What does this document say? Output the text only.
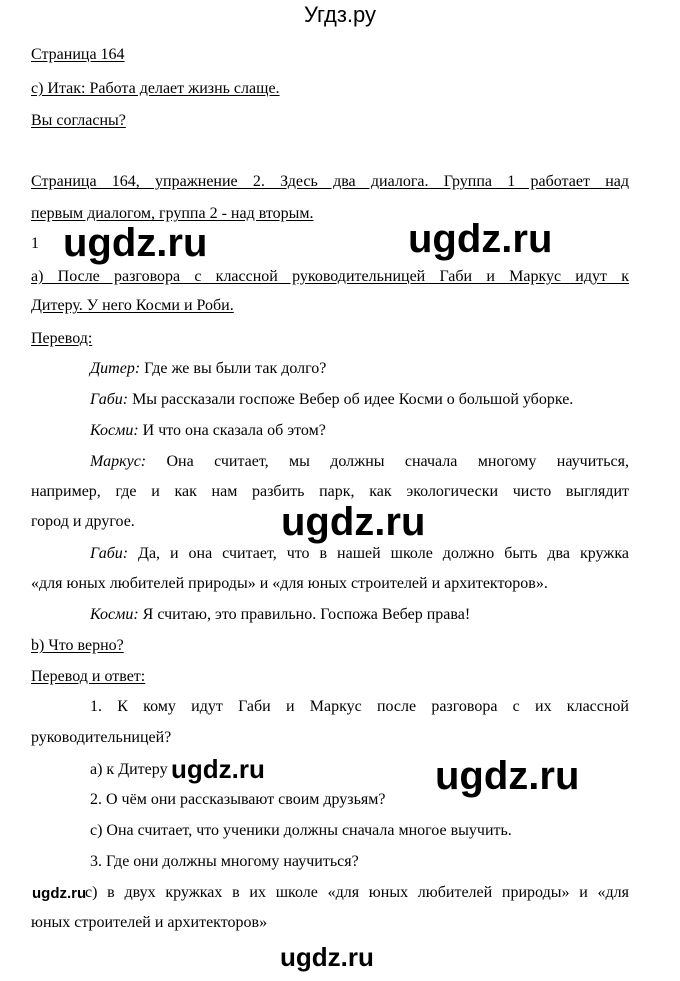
Угдз.ру
Страница 164
с) Итак: Работа делает жизнь слаще.
Вы согласны?
Страница 164, упражнение 2. Здесь два диалога. Группа 1 работает над
первым диалогом, группа 2 - над вторым.
1
а) После разговора с классной руководительницей Габи и Маркус идут к
Дитеру. У него Косми и Роби.
Перевод:
Дитер: Где же вы были так долго?
Габи: Мы рассказали госпоже Вебер об идее Косми о большой уборке.
Косми: И что она сказала об этом?
Маркус: Она считает, мы должны сначала многому научиться,
например, где и как нам разбить парк, как экологически чисто выглядит
город и другое.
Габи: Да, и она считает, что в нашей школе должно быть два кружка
«для юных любителей природы» и «для юных строителей и архитекторов».
Косми: Я считаю, это правильно. Госпожа Вебер права!
b) Что верно?
Перевод и ответ:
1. К кому идут Габи и Маркус после разговора с их классной
руководительницей?
а) к Дитеру
2. О чём они рассказывают своим друзьям?
с) Она считает, что ученики должны сначала многое выучить.
3. Где они должны многому научиться?
с) в двух кружках в их школе «для юных любителей природы» и «для
юных строителей и архитекторов»
ugdz.ru	ugdz.ru
ugdz.ru
ugdz.ru	ugdz.ru
ugdz.ru
ugdz.ru
